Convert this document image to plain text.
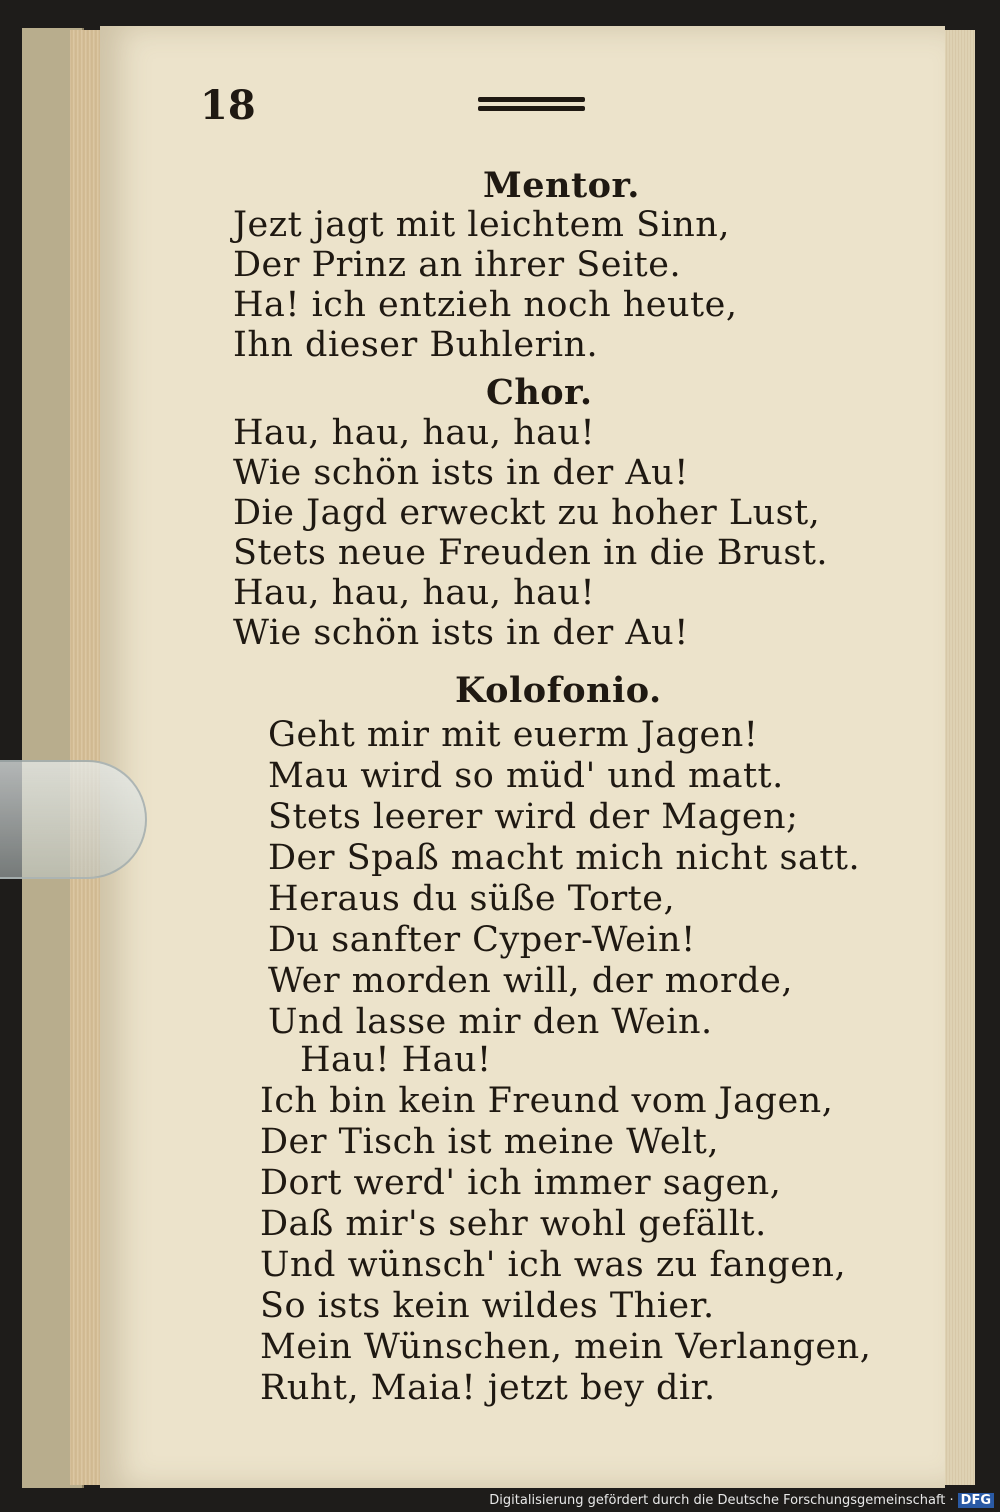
18
Mentor.
Jezt jagt mit leichtem Sinn,
Der Prinz an ihrer Seite.
Ha! ich entzieh noch heute,
Ihn dieser Buhlerin.
Chor.
Hau, hau, hau, hau!
Wie schön ists in der Au!
Die Jagd erweckt zu hoher Lust,
Stets neue Freuden in die Brust.
Hau, hau, hau, hau!
Wie schön ists in der Au!
Kolofonio.
Geht mir mit euerm Jagen!
Mau wird so müd' und matt.
Stets leerer wird der Magen;
Der Spaß macht mich nicht satt.
Heraus du süße Torte,
Du sanfter Cyper-Wein!
Wer morden will, der morde,
Und lasse mir den Wein.
Hau! Hau!
Ich bin kein Freund vom Jagen,
Der Tisch ist meine Welt,
Dort werd' ich immer sagen,
Daß mir's sehr wohl gefällt.
Und wünsch' ich was zu fangen,
So ists kein wildes Thier.
Mein Wünschen, mein Verlangen,
Ruht, Maia! jetzt bey dir.
Digitalisierung gefördert durch die Deutsche Forschungsgemeinschaft · DFG
